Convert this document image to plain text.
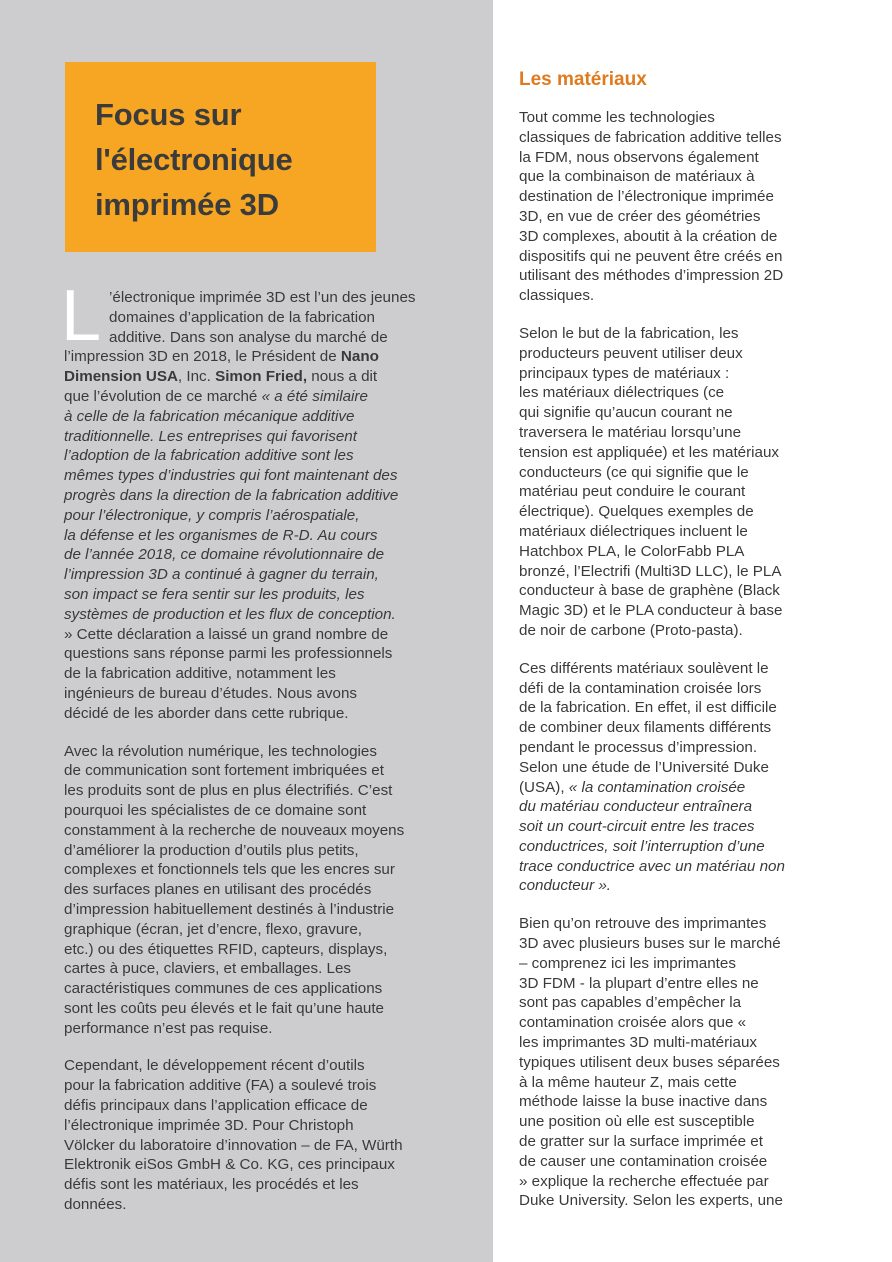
Focus sur
l'électronique
imprimée 3D
L ’électronique imprimée 3D est l’un des jeunes
domaines d’application de la fabrication
additive. Dans son analyse du marché de
l’impression 3D en 2018, le Président de Nano
Dimension USA, Inc. Simon Fried, nous a dit
que l’évolution de ce marché « a été similaire
à celle de la fabrication mécanique additive
traditionnelle. Les entreprises qui favorisent
l’adoption de la fabrication additive sont les
mêmes types d’industries qui font maintenant des
progrès dans la direction de la fabrication additive
pour l’électronique, y compris l’aérospatiale,
la défense et les organismes de R-D. Au cours
de l’année 2018, ce domaine révolutionnaire de
l’impression 3D a continué à gagner du terrain,
son impact se fera sentir sur les produits, les
systèmes de production et les flux de conception.
» Cette déclaration a laissé un grand nombre de
questions sans réponse parmi les professionnels
de la fabrication additive, notamment les
ingénieurs de bureau d’études. Nous avons
décidé de les aborder dans cette rubrique.
Avec la révolution numérique, les technologies
de communication sont fortement imbriquées et
les produits sont de plus en plus électrifiés. C’est
pourquoi les spécialistes de ce domaine sont
constamment à la recherche de nouveaux moyens
d’améliorer la production d’outils plus petits,
complexes et fonctionnels tels que les encres sur
des surfaces planes en utilisant des procédés
d’impression habituellement destinés à l’industrie
graphique (écran, jet d’encre, flexo, gravure,
etc.) ou des étiquettes RFID, capteurs, displays,
cartes à puce, claviers, et emballages. Les
caractéristiques communes de ces applications
sont les coûts peu élevés et le fait qu’une haute
performance n’est pas requise.
Cependant, le développement récent d’outils
pour la fabrication additive (FA) a soulevé trois
défis principaux dans l’application efficace de
l’électronique imprimée 3D. Pour Christoph
Völcker du laboratoire d’innovation – de FA, Würth
Elektronik eiSos GmbH & Co. KG, ces principaux
défis sont les matériaux, les procédés et les
données.
Les matériaux
Tout comme les technologies
classiques de fabrication additive telles
la FDM, nous observons également
que la combinaison de matériaux à
destination de l’électronique imprimée
3D, en vue de créer des géométries
3D complexes, aboutit à la création de
dispositifs qui ne peuvent être créés en
utilisant des méthodes d’impression 2D
classiques.
Selon le but de la fabrication, les
producteurs peuvent utiliser deux
principaux types de matériaux :
les matériaux diélectriques (ce
qui signifie qu’aucun courant ne
traversera le matériau lorsqu’une
tension est appliquée) et les matériaux
conducteurs (ce qui signifie que le
matériau peut conduire le courant
électrique). Quelques exemples de
matériaux diélectriques incluent le
Hatchbox PLA, le ColorFabb PLA
bronzé, l’Electrifi (Multi3D LLC), le PLA
conducteur à base de graphène (Black
Magic 3D) et le PLA conducteur à base
de noir de carbone (Proto-pasta).
Ces différents matériaux soulèvent le
défi de la contamination croisée lors
de la fabrication. En effet, il est difficile
de combiner deux filaments différents
pendant le processus d’impression.
Selon une étude de l’Université Duke
(USA), « la contamination croisée
du matériau conducteur entraînera
soit un court-circuit entre les traces
conductrices, soit l’interruption d’une
trace conductrice avec un matériau non
conducteur ».
Bien qu’on retrouve des imprimantes
3D avec plusieurs buses sur le marché
– comprenez ici les imprimantes
3D FDM - la plupart d’entre elles ne
sont pas capables d’empêcher la
contamination croisée alors que «
les imprimantes 3D multi-matériaux
typiques utilisent deux buses séparées
à la même hauteur Z, mais cette
méthode laisse la buse inactive dans
une position où elle est susceptible
de gratter sur la surface imprimée et
de causer une contamination croisée
» explique la recherche effectuée par
Duke University. Selon les experts, une
